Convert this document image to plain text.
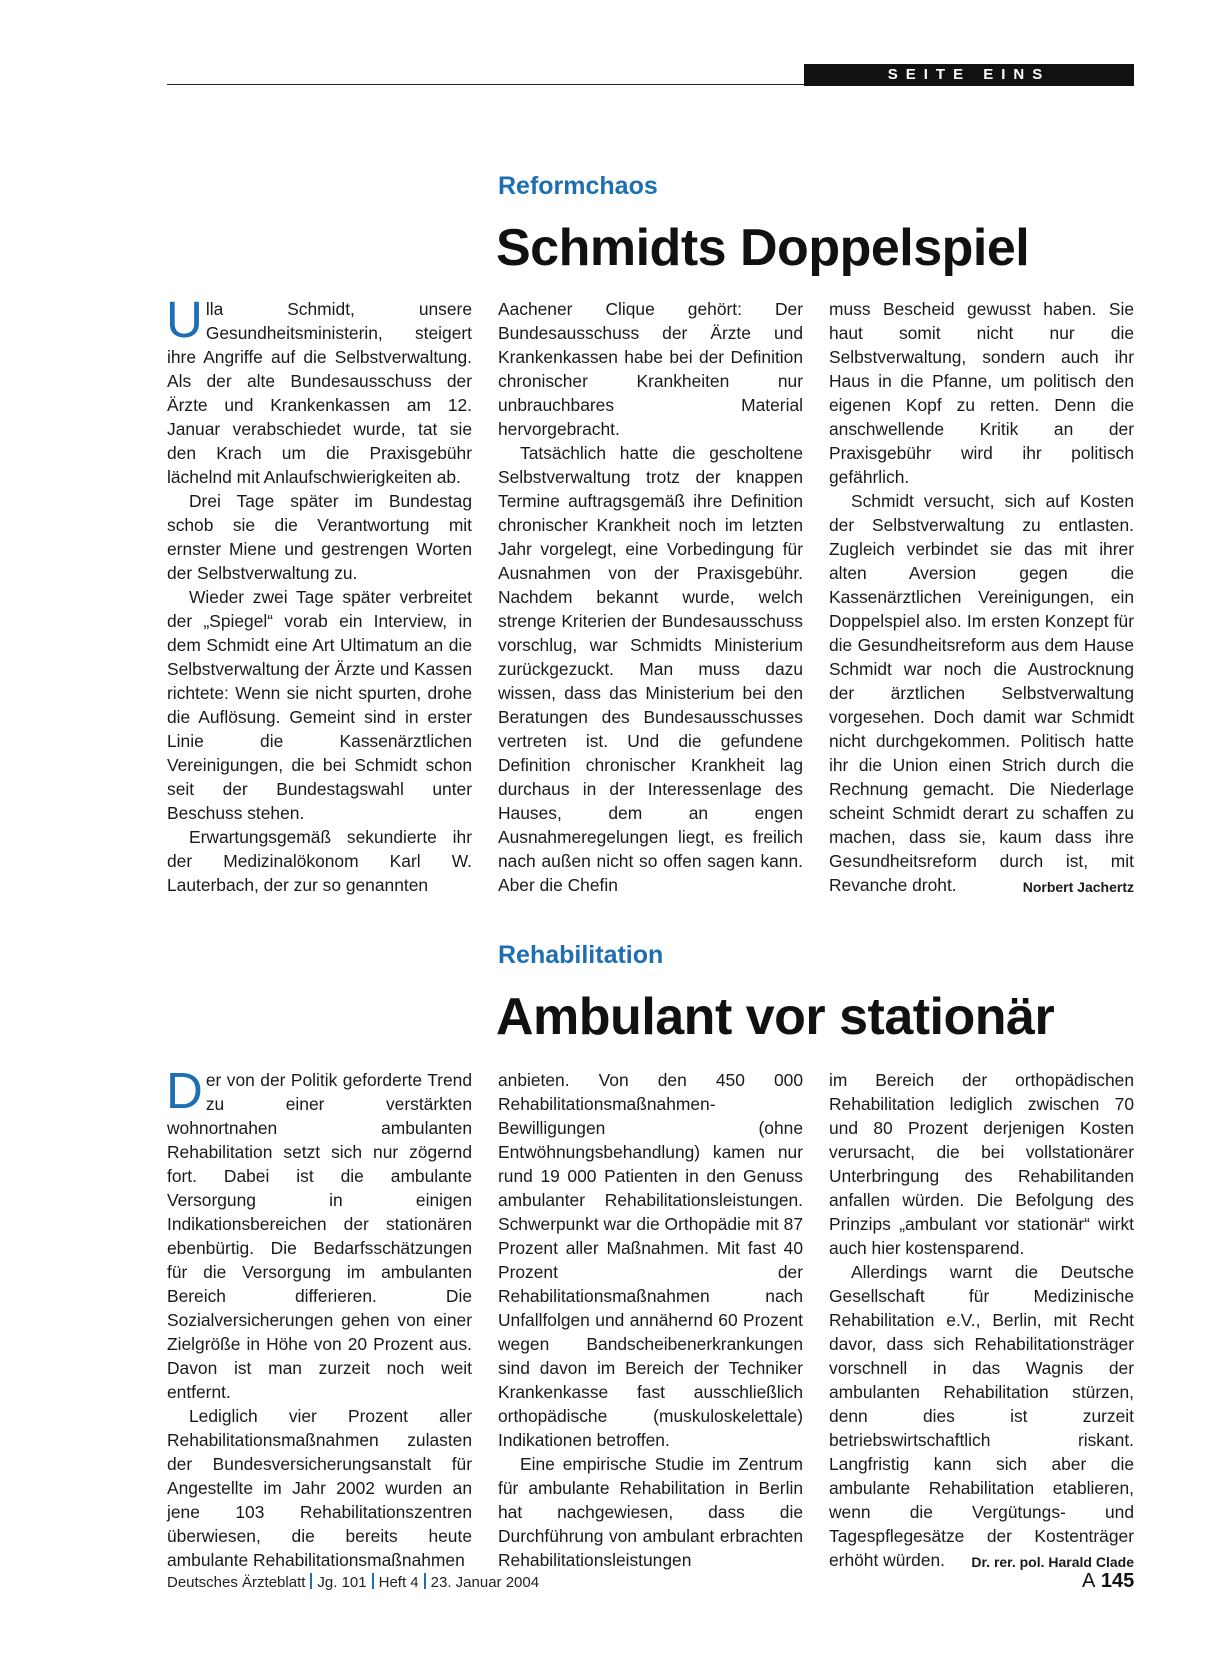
SEITE EINS
Reformchaos
Schmidts Doppelspiel

Ulla Schmidt, unsere Gesundheitsministerin, steigert ihre Angriffe auf die Selbstverwaltung. Als der alte Bundesausschuss der Ärzte und Krankenkassen am 12. Januar verabschiedet wurde, tat sie den Krach um die Praxisgebühr lächelnd mit Anlaufschwierigkeiten ab.

Drei Tage später im Bundestag schob sie die Verantwortung mit ernster Miene und gestrengen Worten der Selbstverwaltung zu.

Wieder zwei Tage später verbreitet der „Spiegel“ vorab ein Interview, in dem Schmidt eine Art Ultimatum an die Selbstverwaltung der Ärzte und Kassen richtete: Wenn sie nicht spurten, drohe die Auflösung. Gemeint sind in erster Linie die Kassenärztlichen Vereinigungen, die bei Schmidt schon seit der Bundestagswahl unter Beschuss stehen.

Erwartungsgemäß sekundierte ihr der Medizinalökonom Karl W. Lauterbach, der zur so genannten

Aachener Clique gehört: Der Bundesausschuss der Ärzte und Krankenkassen habe bei der Definition chronischer Krankheiten nur unbrauchbares Material hervorgebracht.

Tatsächlich hatte die gescholtene Selbstverwaltung trotz der knappen Termine auftragsgemäß ihre Definition chronischer Krankheit noch im letzten Jahr vorgelegt, eine Vorbedingung für Ausnahmen von der Praxisgebühr. Nachdem bekannt wurde, welch strenge Kriterien der Bundesausschuss vorschlug, war Schmidts Ministerium zurückgezuckt. Man muss dazu wissen, dass das Ministerium bei den Beratungen des Bundesausschusses vertreten ist. Und die gefundene Definition chronischer Krankheit lag durchaus in der Interessenlage des Hauses, dem an engen Ausnahmeregelungen liegt, es freilich nach außen nicht so offen sagen kann. Aber die Chefin

muss Bescheid gewusst haben. Sie haut somit nicht nur die Selbstverwaltung, sondern auch ihr Haus in die Pfanne, um politisch den eigenen Kopf zu retten. Denn die anschwellende Kritik an der Praxisgebühr wird ihr politisch gefährlich.

Schmidt versucht, sich auf Kosten der Selbstverwaltung zu entlasten. Zugleich verbindet sie das mit ihrer alten Aversion gegen die Kassenärztlichen Vereinigungen, ein Doppelspiel also. Im ersten Konzept für die Gesundheitsreform aus dem Hause Schmidt war noch die Austrocknung der ärztlichen Selbstverwaltung vorgesehen. Doch damit war Schmidt nicht durchgekommen. Politisch hatte ihr die Union einen Strich durch die Rechnung gemacht. Die Niederlage scheint Schmidt derart zu schaffen zu machen, dass sie, kaum dass ihre Gesundheitsreform durch ist, mit Revanche droht.	Norbert Jachertz

Rehabilitation
Ambulant vor stationär

Der von der Politik geforderte Trend zu einer verstärkten wohnortnahen ambulanten Rehabilitation setzt sich nur zögernd fort. Dabei ist die ambulante Versorgung in einigen Indikationsbereichen der stationären ebenbürtig. Die Bedarfsschätzungen für die Versorgung im ambulanten Bereich differieren. Die Sozialversicherungen gehen von einer Zielgröße in Höhe von 20 Prozent aus. Davon ist man zurzeit noch weit entfernt.

Lediglich vier Prozent aller Rehabilitationsmaßnahmen zulasten der Bundesversicherungsanstalt für Angestellte im Jahr 2002 wurden an jene 103 Rehabilitationszentren überwiesen, die bereits heute ambulante Rehabilitationsmaßnahmen

anbieten. Von den 450 000 Rehabilitationsmaßnahmen-Bewilligungen (ohne Entwöhnungsbehandlung) kamen nur rund 19 000 Patienten in den Genuss ambulanter Rehabilitationsleistungen. Schwerpunkt war die Orthopädie mit 87 Prozent aller Maßnahmen. Mit fast 40 Prozent der Rehabilitationsmaßnahmen nach Unfallfolgen und annähernd 60 Prozent wegen Bandscheibenerkrankungen sind davon im Bereich der Techniker Krankenkasse fast ausschließlich orthopädische (muskuloskelettale) Indikationen betroffen.

Eine empirische Studie im Zentrum für ambulante Rehabilitation in Berlin hat nachgewiesen, dass die Durchführung von ambulant erbrachten Rehabilitationsleistungen

im Bereich der orthopädischen Rehabilitation lediglich zwischen 70 und 80 Prozent derjenigen Kosten verursacht, die bei vollstationärer Unterbringung des Rehabilitanden anfallen würden. Die Befolgung des Prinzips „ambulant vor stationär“ wirkt auch hier kostensparend.

Allerdings warnt die Deutsche Gesellschaft für Medizinische Rehabilitation e.V., Berlin, mit Recht davor, dass sich Rehabilitationsträger vorschnell in das Wagnis der ambulanten Rehabilitation stürzen, denn dies ist zurzeit betriebswirtschaftlich riskant. Langfristig kann sich aber die ambulante Rehabilitation etablieren, wenn die Vergütungs- und Tagespflegesätze der Kostenträger erhöht würden.	Dr. rer. pol. Harald Clade

Deutsches Ärzteblatt Jg. 101 Heft 4 23. Januar 2004	A 145
